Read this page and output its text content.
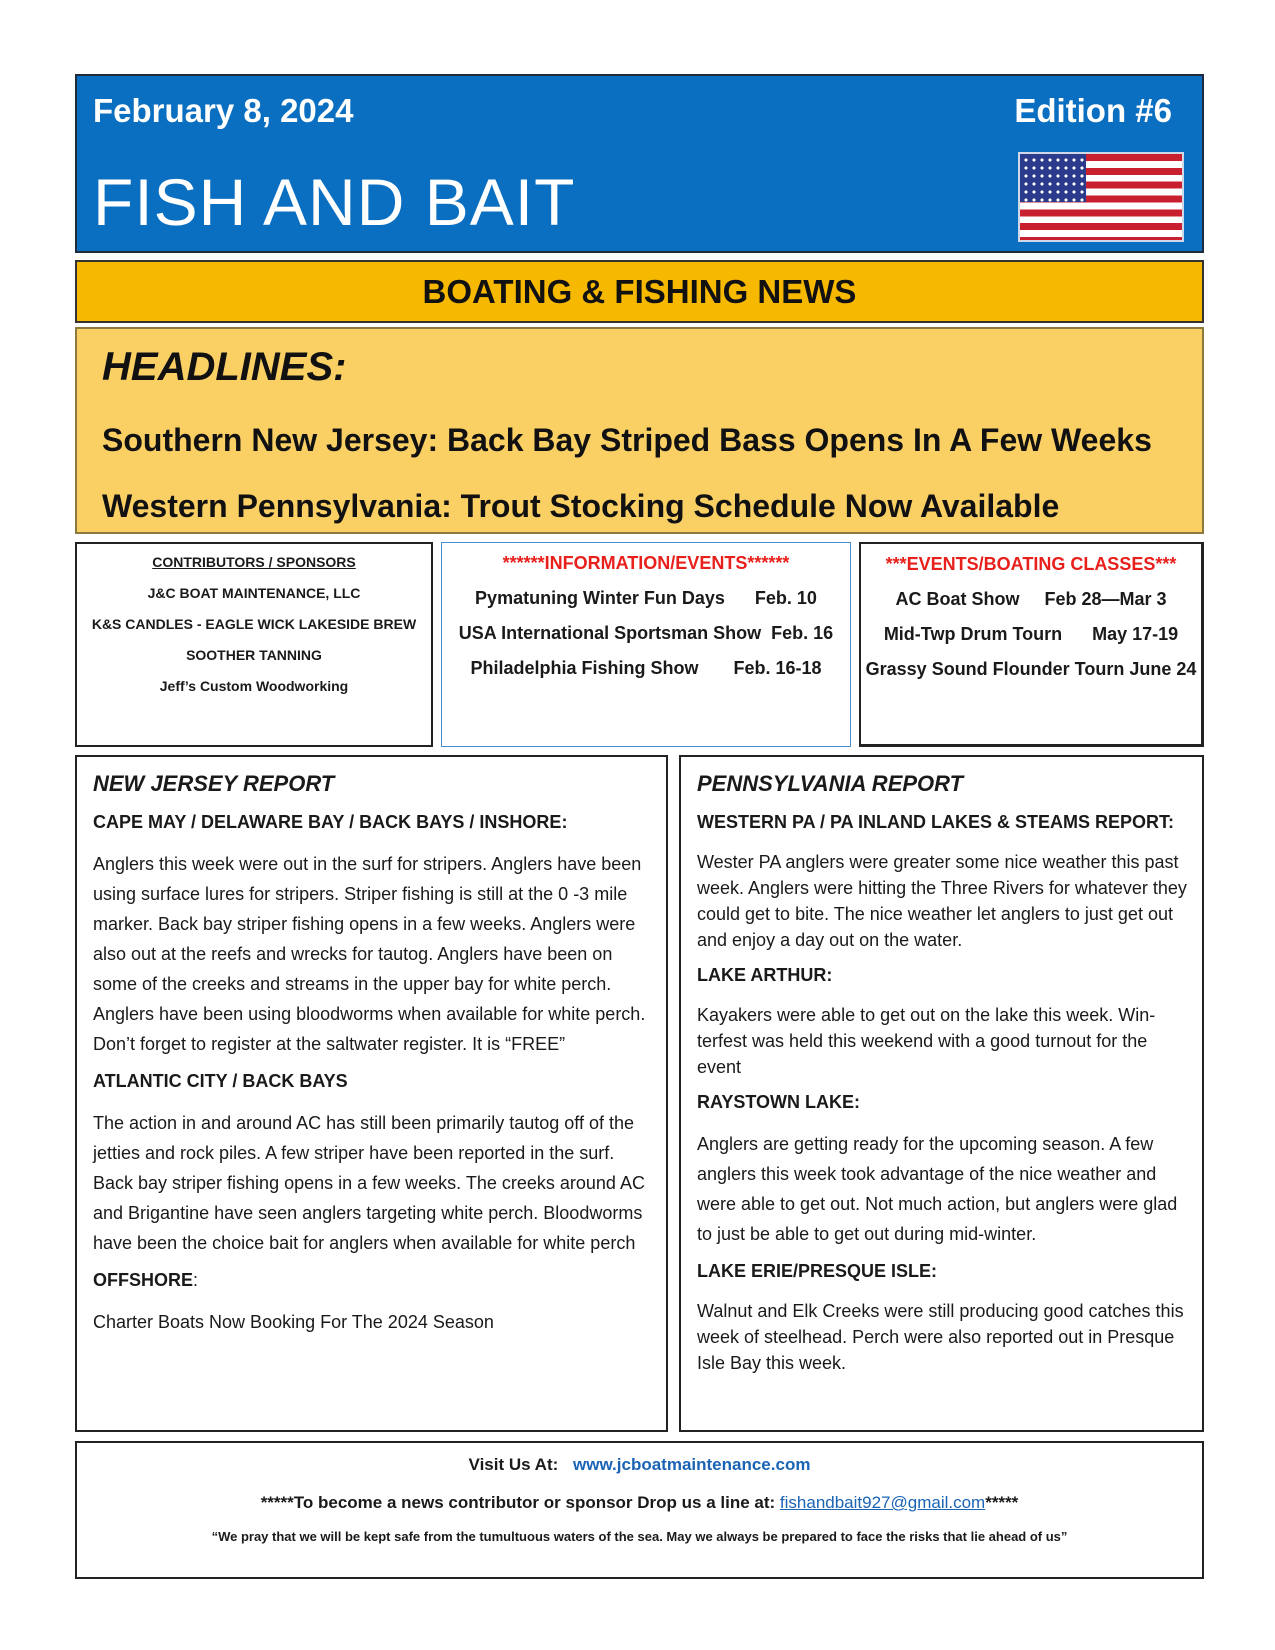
February 8, 2024	Edition #6
FISH AND BAIT
BOATING & FISHING NEWS
HEADLINES:
Southern New Jersey: Back Bay Striped Bass Opens In A Few Weeks
Western Pennsylvania: Trout Stocking Schedule Now Available
CONTRIBUTORS / SPONSORS
J&C BOAT MAINTENANCE, LLC
K&S CANDLES - EAGLE WICK LAKESIDE BREW
SOOTHER TANNING
Jeff’s Custom Woodworking
******INFORMATION/EVENTS******
Pymatuning Winter Fun Days      Feb. 10
USA International Sportsman Show  Feb. 16
Philadelphia Fishing Show       Feb. 16-18
***EVENTS/BOATING CLASSES***
AC Boat Show     Feb 28—Mar 3
Mid-Twp Drum Tourn      May 17-19
Grassy Sound Flounder Tourn June 24
NEW JERSEY REPORT
CAPE MAY / DELAWARE BAY / BACK BAYS / INSHORE:
Anglers this week were out in the surf for stripers. Anglers have been using surface lures for stripers. Striper fishing is still at the 0 -3 mile marker. Back bay striper fishing opens in a few weeks. Anglers were also out at the reefs and wrecks for tautog. Anglers have been on some of the creeks and streams in the upper bay for white perch. Anglers have been using bloodworms when available for white perch. Don’t forget to register at the saltwater register. It is “FREE”
ATLANTIC CITY / BACK BAYS
The action in and around AC has still been primarily tautog off of the jetties and rock piles. A few striper have been reported in the surf. Back bay striper fishing opens in a few weeks. The creeks around AC and Brigantine have seen anglers targeting white perch. Bloodworms have been the choice bait for anglers when available for white perch
OFFSHORE:
Charter Boats Now Booking For The 2024 Season
PENNSYLVANIA REPORT
WESTERN PA / PA INLAND LAKES & STEAMS REPORT:
Wester PA anglers were greater some nice weather this past week. Anglers were hitting the Three Rivers for whatever they could get to bite. The nice weather let anglers to just get out and enjoy a day out on the water.
LAKE ARTHUR:
Kayakers were able to get out on the lake this week. Win-terfest was held this weekend with a good turnout for the event
RAYSTOWN LAKE:
Anglers are getting ready for the upcoming season. A few anglers this week took advantage of the nice weather and were able to get out. Not much action, but anglers were glad to just be able to get out during mid-winter.
LAKE ERIE/PRESQUE ISLE:
Walnut and Elk Creeks were still producing good catches this week of steelhead. Perch were also reported out in Presque Isle Bay this week.
Visit Us At: www.jcboatmaintenance.com
*****To become a news contributor or sponsor Drop us a line at: fishandbait927@gmail.com*****
“We pray that we will be kept safe from the tumultuous waters of the sea. May we always be prepared to face the risks that lie ahead of us”
